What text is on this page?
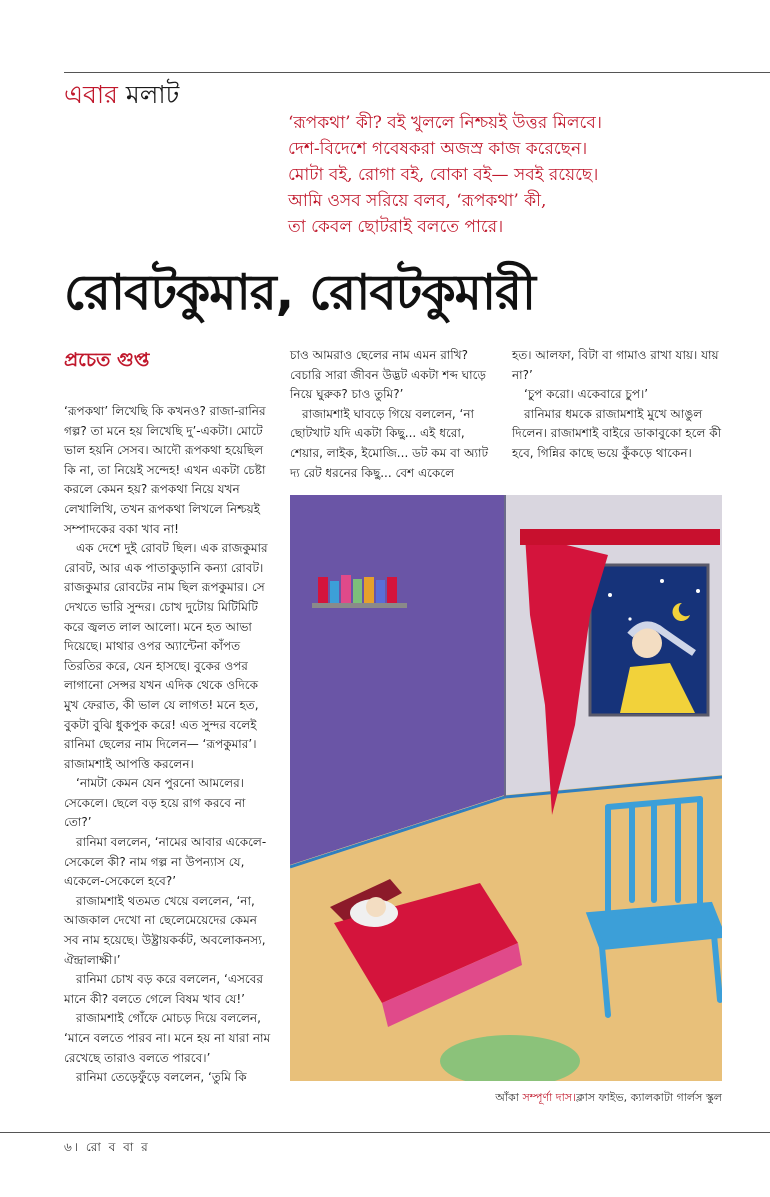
এবার মলাট
‘রূপকথা’ কী? বই খুললে নিশ্চয়ই উত্তর মিলবে।
দেশ-বিদেশে গবেষকরা অজস্র কাজ করেছেন।
মোটা বই, রোগা বই, বোকা বই— সবই রয়েছে।
আমি ওসব সরিয়ে বলব, ‘রূপকথা’ কী,
তা কেবল ছোটরাই বলতে পারে।
রোবটকুমার, রোবটকুমারী
প্রচেত গুপ্ত

‘রূপকথা’ লিখেছি কি কখনও? রাজা-রানির গল্প? তা মনে হয় লিখেছি দু’-একটা। মোটে ভাল হয়নি সেসব। আদৌ রূপকথা হয়েছিল কি না, তা নিয়েই সন্দেহ! এখন একটা চেষ্টা করলে কেমন হয়? রূপকথা নিয়ে যখন লেখালিখি, তখন রূপকথা লিখলে নিশ্চয়ই সম্পাদকের বকা খাব না!

এক দেশে দুই রোবট ছিল। এক রাজকুমার রোবট, আর এক পাতাকুড়ানি কন্যা রোবট। রাজকুমার রোবটের নাম ছিল রূপকুমার। সে দেখতে ভারি সুন্দর। চোখ দুটোয় মিটিমিটি করে জ্বলত লাল আলো। মনে হত আভা দিয়েছে। মাথার ওপর অ্যান্টেনা কাঁপত তিরতির করে, যেন হাসছে। বুকের ওপর লাগানো সেন্সর যখন এদিক থেকে ওদিকে মুখ ফেরাত, কী ভাল যে লাগত! মনে হত, বুকটা বুঝি ধুকপুক করে! এত সুন্দর বলেই রানিমা ছেলের নাম দিলেন— ‘রূপকুমার’। রাজামশাই আপত্তি করলেন।

‘নামটা কেমন যেন পুরনো আমলের। সেকেলে। ছেলে বড় হয়ে রাগ করবে না তো?’

রানিমা বললেন, ‘নামের আবার একেলে-সেকেলে কী? নাম গল্প না উপন্যাস যে, একেলে-সেকেলে হবে?’

রাজামশাই থতমত খেয়ে বললেন, ‘না, আজকাল দেখো না ছেলেমেয়েদের কেমন সব নাম হয়েছে। উষ্ট্রায়কর্কট, অবলোকনস্য, ঐন্দ্রালাক্ষী।’

রানিমা চোখ বড় করে বললেন, ‘এসবের মানে কী? বলতে গেলে বিষম খাব যে!’

রাজামশাই গোঁফে মোচড় দিয়ে বললেন, ‘মানে বলতে পারব না। মনে হয় না যারা নাম রেখেছে তারাও বলতে পারবে।’

রানিমা তেড়েফুঁড়ে বললেন, ‘তুমি কি

চাও আমরাও ছেলের নাম এমন রাখি? বেচারি সারা জীবন উদ্ভট একটা শব্দ ঘাড়ে নিয়ে ঘুরুক? চাও তুমি?’

রাজামশাই ঘাবড়ে গিয়ে বললেন, ‘না ছোটখাট যদি একটা কিছু... এই ধরো, শেয়ার, লাইক, ইমোজি... ডট কম বা অ্যাট দ্য রেট ধরনের কিছু... বেশ একেলে

হত। আলফা, বিটা বা গামাও রাখা যায়। যায় না?’

‘চুপ করো। একেবারে চুপ।’

রানিমার ধমকে রাজামশাই মুখে আঙুল দিলেন। রাজামশাই বাইরে ডাকাবুকো হলে কী হবে, গিন্নির কাছে ভয়ে কুঁকড়ে থাকেন।

আঁকা সম্পূর্ণা দাস।ক্লাস ফাইভ, ক্যালকাটা গার্লস স্কুল
৬। রো ব বা র
